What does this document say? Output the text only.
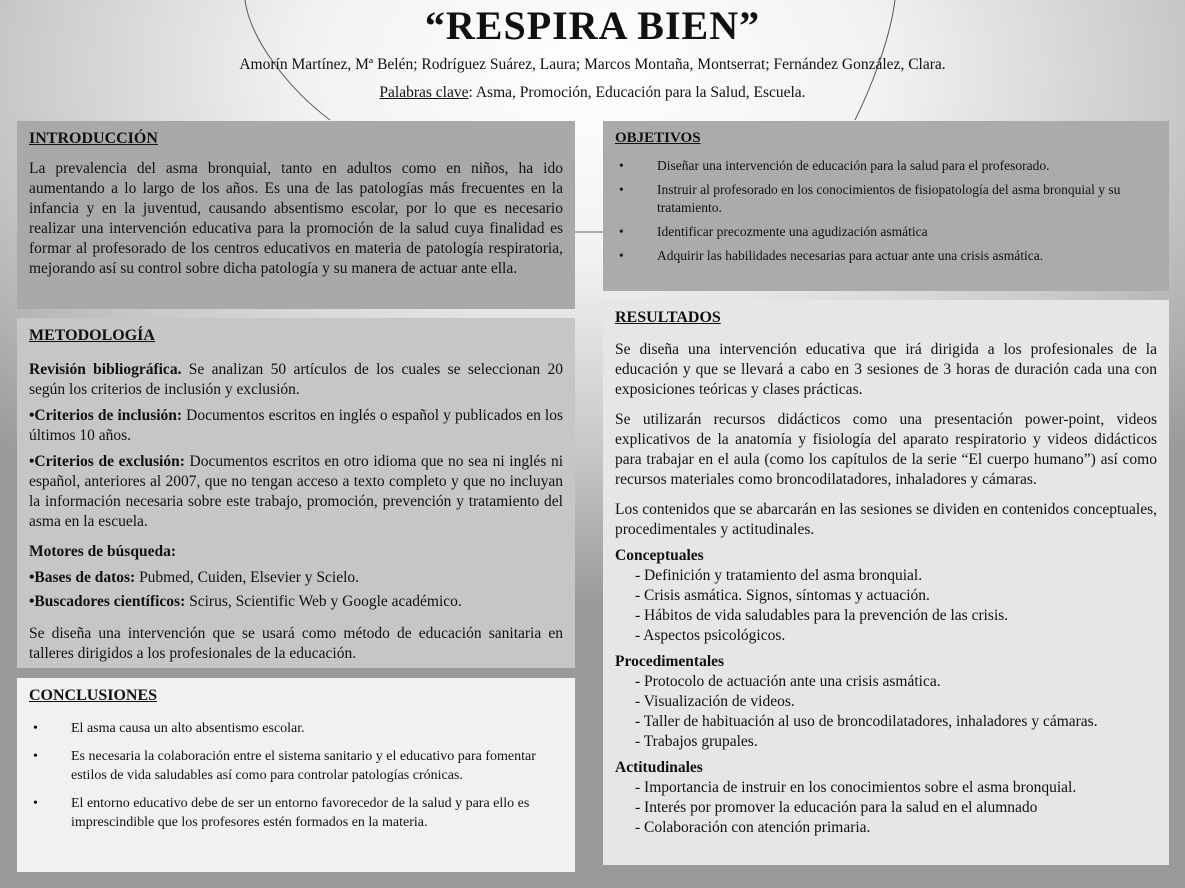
“RESPIRA BIEN”
Amorín Martínez, Mª Belén; Rodríguez Suárez, Laura; Marcos Montaña, Montserrat; Fernández González, Clara.
Palabras clave: Asma, Promoción, Educación para la Salud, Escuela.
INTRODUCCIÓN

La prevalencia del asma bronquial, tanto en adultos como en niños, ha ido aumentando a lo largo de los años. Es una de las patologías más frecuentes en la infancia y en la juventud, causando absentismo escolar, por lo que es necesario realizar una intervención educativa para la promoción de la salud cuya finalidad es formar al profesorado de los centros educativos en materia de patología respiratoria, mejorando así su control sobre dicha patología y su manera de actuar ante ella.

OBJETIVOS
• Diseñar una intervención de educación para la salud para el profesorado.
• Instruir al profesorado en los conocimientos de fisiopatología del asma bronquial y su tratamiento.
• Identificar precozmente una agudización asmática
• Adquirir las habilidades necesarias para actuar ante una crisis asmática.
METODOLOGÍA

Revisión bibliográfica. Se analizan 50 artículos de los cuales se seleccionan 20 según los criterios de inclusión y exclusión.

•Criterios de inclusión: Documentos escritos en inglés o español y publicados en los últimos 10 años.

•Criterios de exclusión: Documentos escritos en otro idioma que no sea ni inglés ni español, anteriores al 2007, que no tengan acceso a texto completo y que no incluyan la información necesaria sobre este trabajo, promoción, prevención y tratamiento del asma en la escuela.

Motores de búsqueda:

•Bases de datos: Pubmed, Cuiden, Elsevier y Scielo.

•Buscadores científicos: Scirus, Scientific Web y Google académico.

Se diseña una intervención que se usará como método de educación sanitaria en talleres dirigidos a los profesionales de la educación.

RESULTADOS

Se diseña una intervención educativa que irá dirigida a los profesionales de la educación y que se llevará a cabo en 3 sesiones de 3 horas de duración cada una con exposiciones teóricas y clases prácticas.

Se utilizarán recursos didácticos como una presentación power-point, videos explicativos de la anatomía y fisiología del aparato respiratorio y videos didácticos para trabajar en el aula (como los capítulos de la serie “El cuerpo humano”) así como recursos materiales como broncodilatadores, inhaladores y cámaras.

Los contenidos que se abarcarán en las sesiones se dividen en contenidos conceptuales, procedimentales y actitudinales.

Conceptuales
- Definición y tratamiento del asma bronquial.
- Crisis asmática. Signos, síntomas y actuación.
- Hábitos de vida saludables para la prevención de las crisis.
- Aspectos psicológicos.
Procedimentales
- Protocolo de actuación ante una crisis asmática.
- Visualización de videos.
- Taller de habituación al uso de broncodilatadores, inhaladores y cámaras.
- Trabajos grupales.
Actitudinales
- Importancia de instruir en los conocimientos sobre el asma bronquial.
- Interés por promover la educación para la salud en el alumnado
- Colaboración con atención primaria.
CONCLUSIONES
• El asma causa un alto absentismo escolar.
• Es necesaria la colaboración entre el sistema sanitario y el educativo para fomentar estilos de vida saludables así como para controlar patologías crónicas.
• El entorno educativo debe de ser un entorno favorecedor de la salud y para ello es imprescindible que los profesores estén formados en la materia.
